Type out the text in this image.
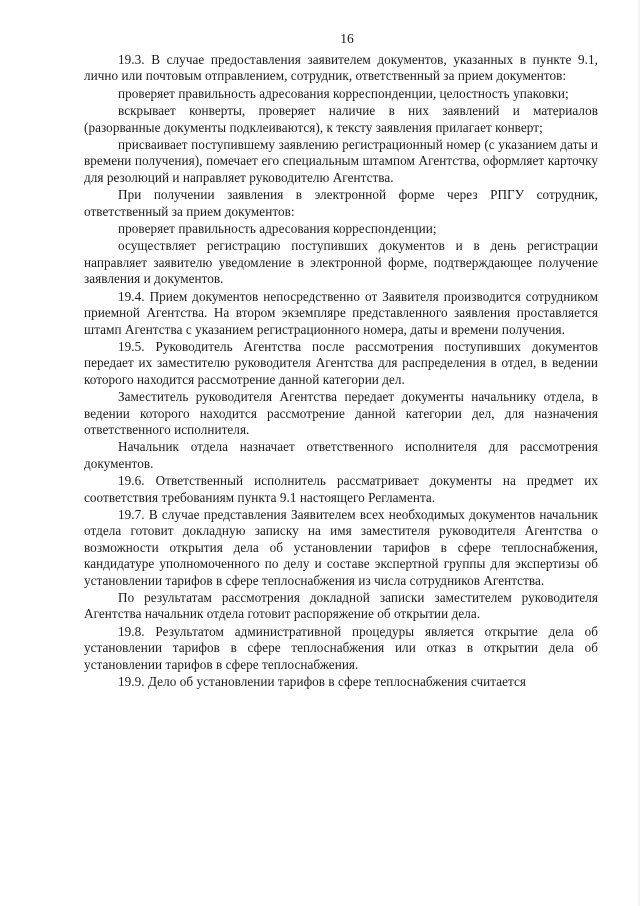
16

19.3. В случае предоставления заявителем документов, указанных в пункте 9.1, лично или почтовым отправлением, сотрудник, ответственный за прием документов:

проверяет правильность адресования корреспонденции, целостность упаковки;

вскрывает конверты, проверяет наличие в них заявлений и материалов (разорванные документы подклеиваются), к тексту заявления прилагает конверт;

присваивает поступившему заявлению регистрационный номер (с указанием даты и времени получения), помечает его специальным штампом Агентства, оформляет карточку для резолюций и направляет руководителю Агентства.

При получении заявления в электронной форме через РПГУ сотрудник, ответственный за прием документов:

проверяет правильность адресования корреспонденции;

осуществляет регистрацию поступивших документов и в день регистрации направляет заявителю уведомление в электронной форме, подтверждающее получение заявления и документов.

19.4. Прием документов непосредственно от Заявителя производится сотрудником приемной Агентства. На втором экземпляре представленного заявления проставляется штамп Агентства с указанием регистрационного номера, даты и времени получения.

19.5. Руководитель Агентства после рассмотрения поступивших документов передает их заместителю руководителя Агентства для распределения в отдел, в ведении которого находится рассмотрение данной категории дел.

Заместитель руководителя Агентства передает документы начальнику отдела, в ведении которого находится рассмотрение данной категории дел, для назначения ответственного исполнителя.

Начальник отдела назначает ответственного исполнителя для рассмотрения документов.

19.6. Ответственный исполнитель рассматривает документы на предмет их соответствия требованиям пункта 9.1 настоящего Регламента.

19.7. В случае представления Заявителем всех необходимых документов начальник отдела готовит докладную записку на имя заместителя руководителя Агентства о возможности открытия дела об установлении тарифов в сфере теплоснабжения, кандидатуре уполномоченного по делу и составе экспертной группы для экспертизы об установлении тарифов в сфере теплоснабжения из числа сотрудников Агентства.

По результатам рассмотрения докладной записки заместителем руководителя Агентства начальник отдела готовит распоряжение об открытии дела.

19.8. Результатом административной процедуры является открытие дела об установлении тарифов в сфере теплоснабжения или отказ в открытии дела об установлении тарифов в сфере теплоснабжения.

19.9. Дело об установлении тарифов в сфере теплоснабжения считается
